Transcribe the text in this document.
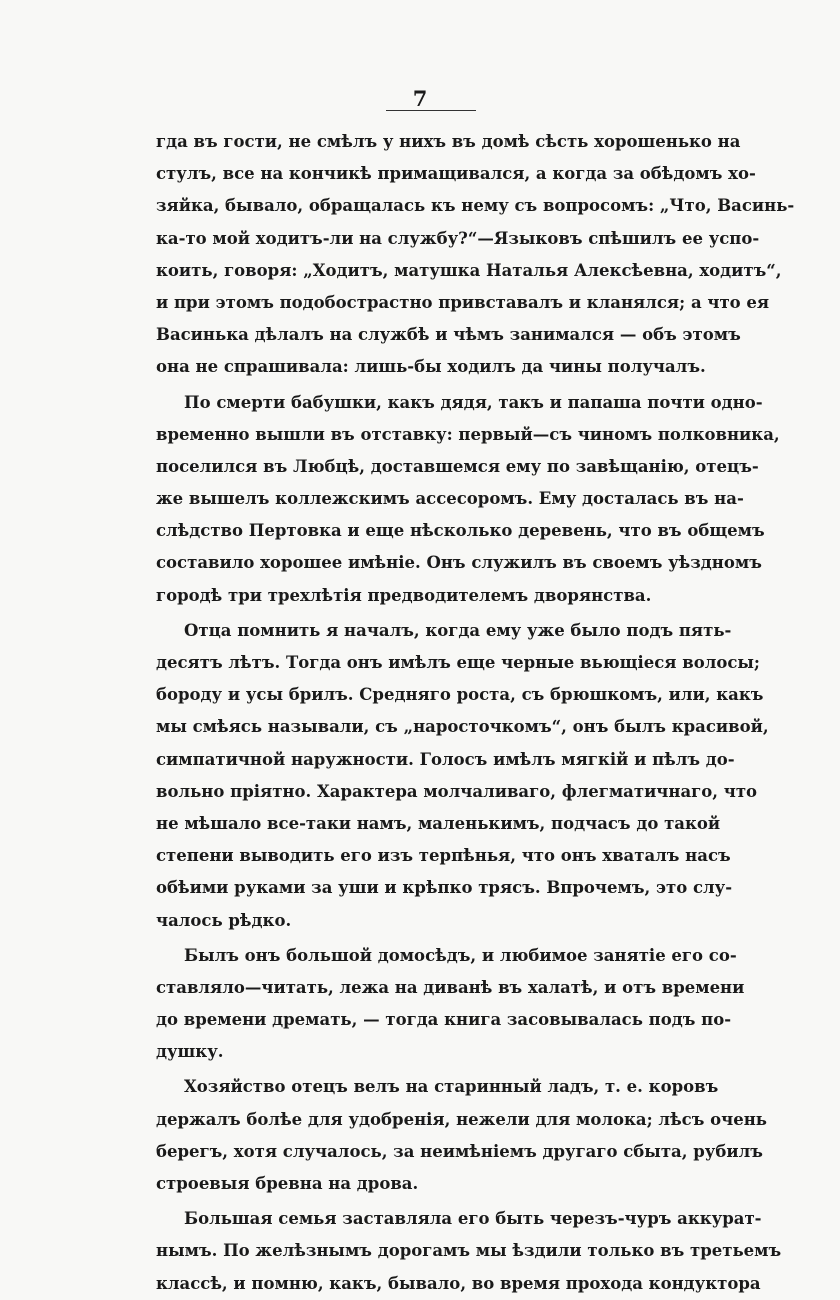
7
гда въ гости, не смѣлъ у нихъ въ домѣ сѣсть хорошенько на
стулъ, все на кончикѣ примащивался, а когда за обѣдомъ хо-
зяйка, бывало, обращалась къ нему съ вопросомъ: „Что, Васинь-
ка-то мой ходитъ-ли на службу?“—Языковъ спѣшилъ ее успо-
коить, говоря: „Ходитъ, матушка Наталья Алексѣевна, ходитъ“,
и при этомъ подобострастно привставалъ и кланялся; а что ея
Васинька дѣлалъ на службѣ и чѣмъ занимался — объ этомъ
она не спрашивала: лишь-бы ходилъ да чины получалъ.
По смерти бабушки, какъ дядя, такъ и папаша почти одно-
временно вышли въ отставку: первый—съ чиномъ полковника,
поселился въ Любцѣ, доставшемся ему по завѣщанію, отецъ-
же вышелъ коллежскимъ ассесоромъ. Ему досталась въ на-
слѣдство Пертовка и еще нѣсколько деревень, что въ общемъ
составило хорошее имѣніе. Онъ служилъ въ своемъ уѣздномъ
городѣ три трехлѣтія предводителемъ дворянства.
Отца помнить я началъ, когда ему уже было подъ пять-
десятъ лѣтъ. Тогда онъ имѣлъ еще черные вьющіеся волосы;
бороду и усы брилъ. Средняго роста, съ брюшкомъ, или, какъ
мы смѣясь называли, съ „наросточкомъ“, онъ былъ красивой,
симпатичной наружности. Голосъ имѣлъ мягкій и пѣлъ до-
вольно пріятно. Характера молчаливаго, флегматичнаго, что
не мѣшало все-таки намъ, маленькимъ, подчасъ до такой
степени выводить его изъ терпѣнья, что онъ хваталъ насъ
обѣими руками за уши и крѣпко трясъ. Впрочемъ, это слу-
чалось рѣдко.
Былъ онъ большой домосѣдъ, и любимое занятіе его со-
ставляло—читать, лежа на диванѣ въ халатѣ, и отъ времени
до времени дремать, — тогда книга засовывалась подъ по-
душку.
Хозяйство отецъ велъ на старинный ладъ, т. е. коровъ
держалъ болѣе для удобренія, нежели для молока; лѣсъ очень
берегъ, хотя случалось, за неимѣніемъ другаго сбыта, рубилъ
строевыя бревна на дрова.
Большая семья заставляла его быть черезъ-чуръ аккурат-
нымъ. По желѣзнымъ дорогамъ мы ѣздили только въ третьемъ
классѣ, и помню, какъ, бывало, во время прохода кондуктора
